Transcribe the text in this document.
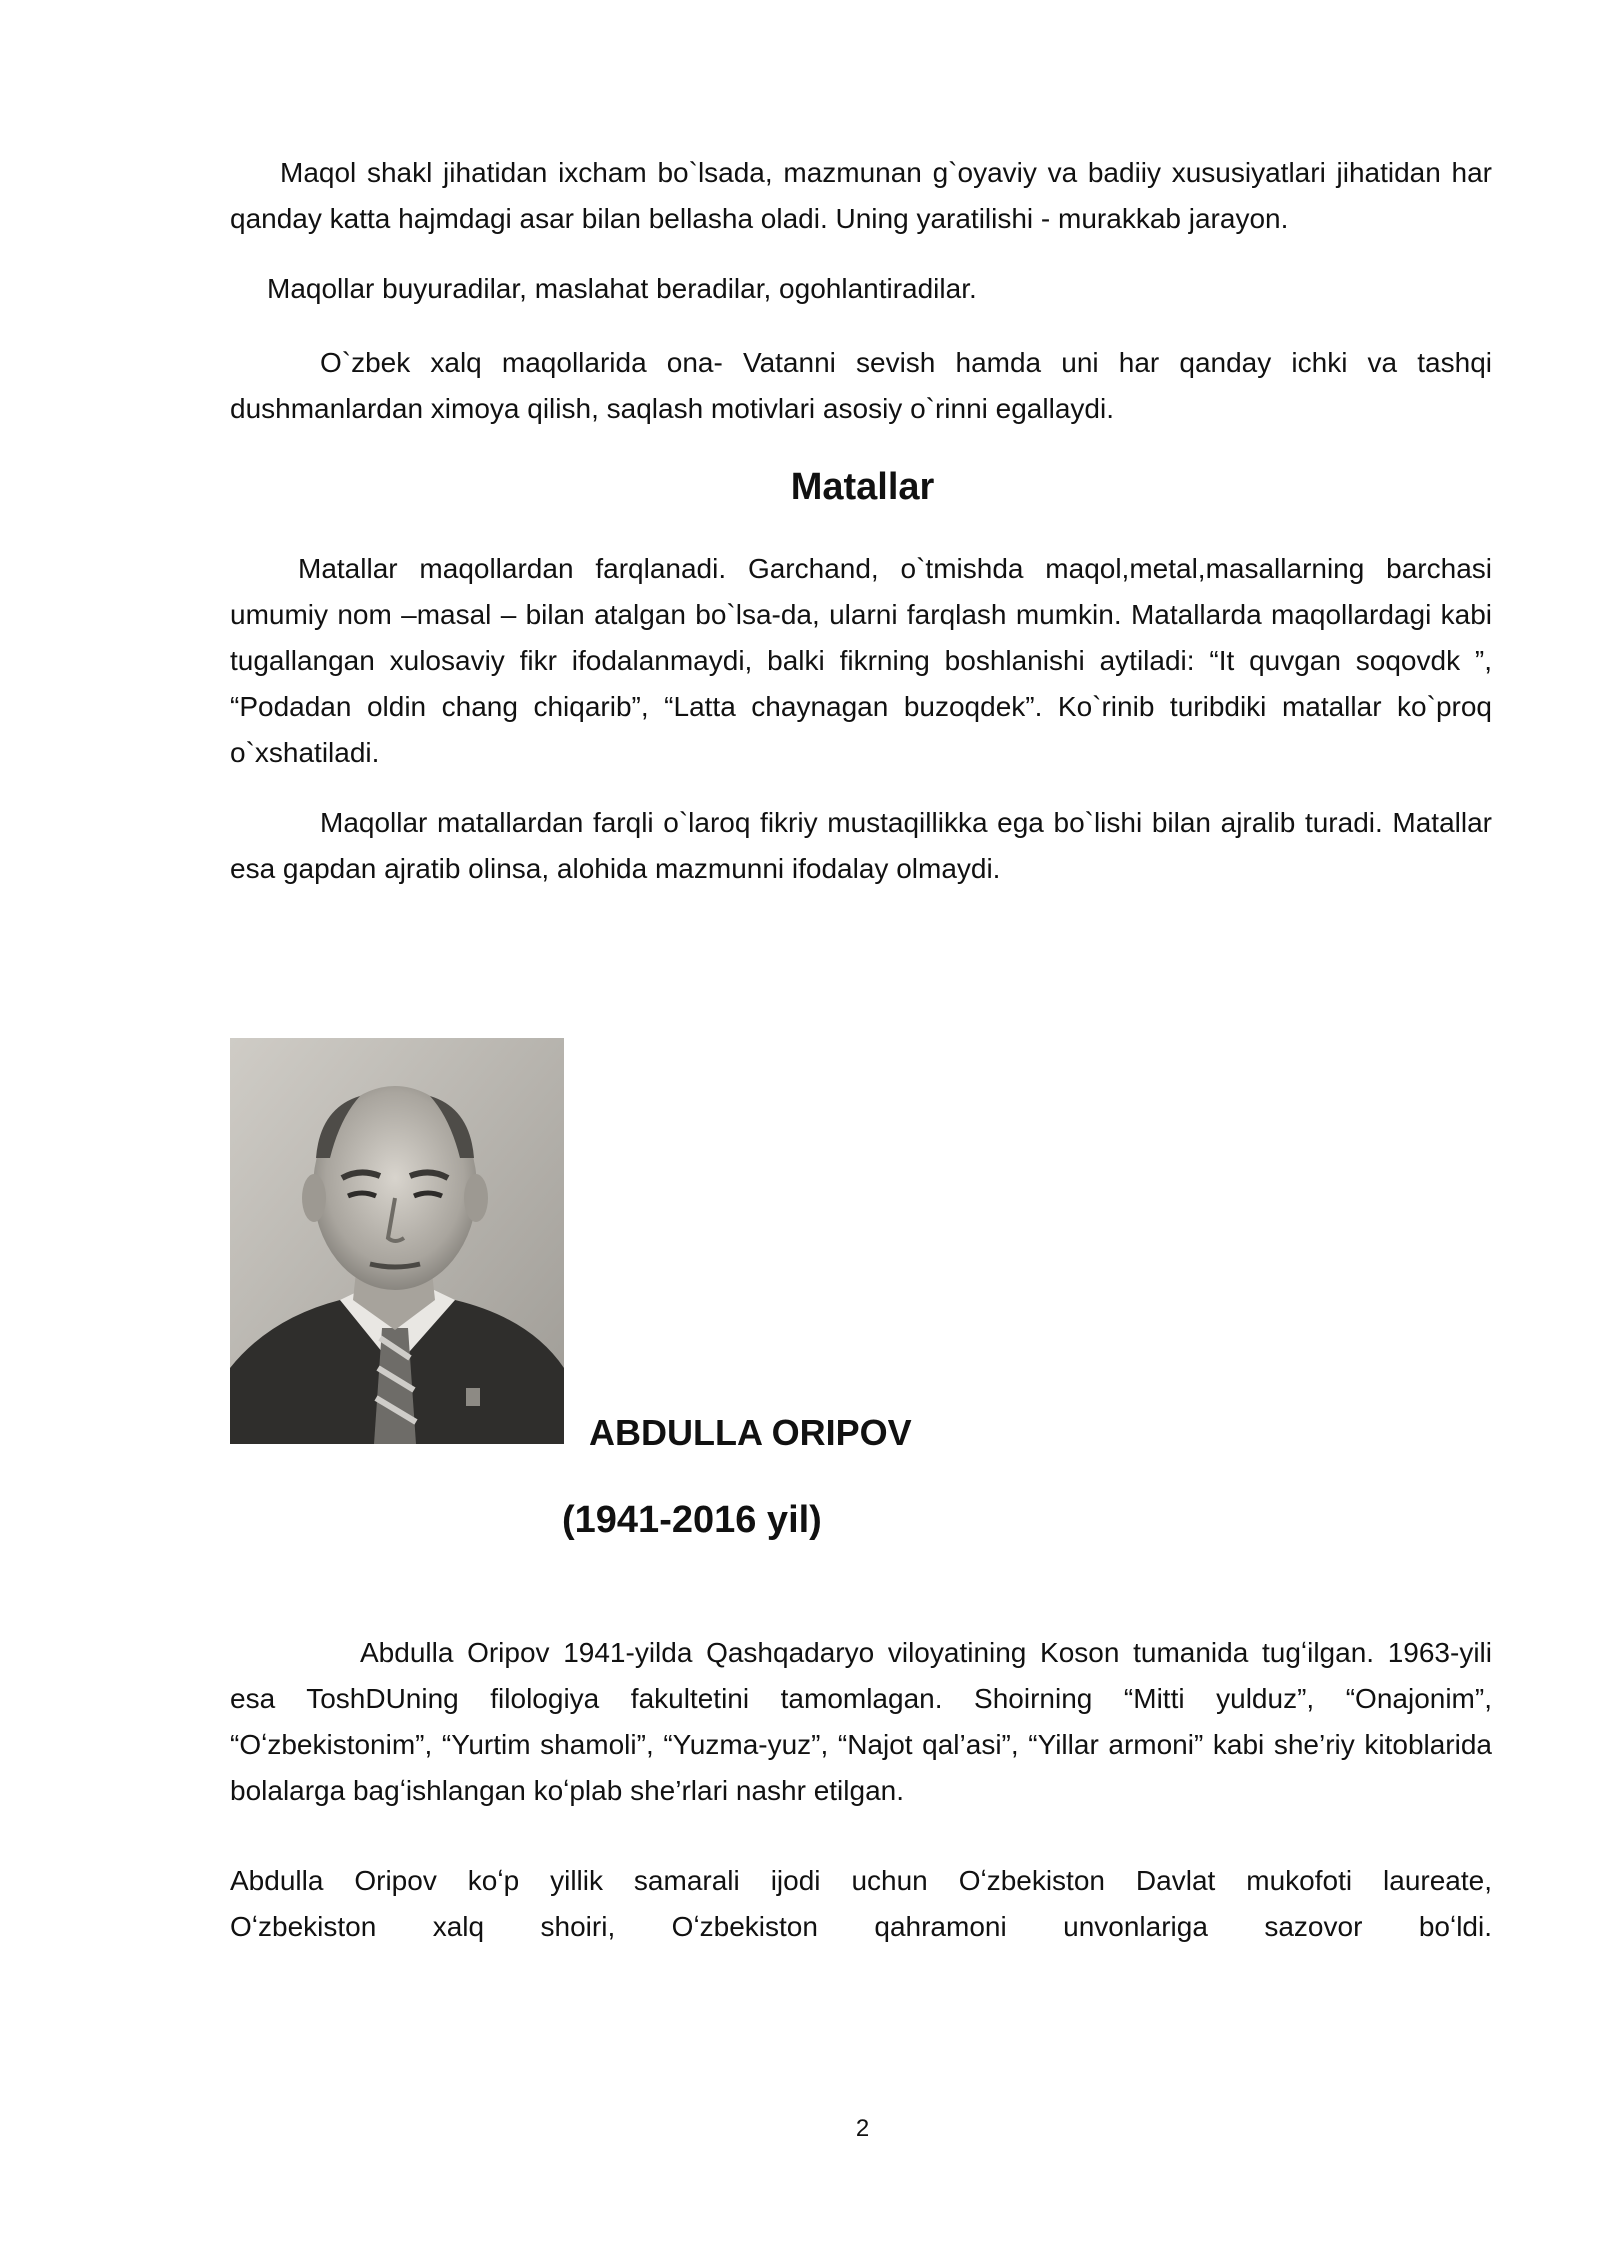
Maqol shakl jihatidan ixcham bo`lsada, mazmunan g`oyaviy va badiiy xususiyatlari jihatidan har qanday katta hajmdagi asar bilan bellasha oladi. Uning yaratilishi - murakkab jarayon.

Maqollar buyuradilar, maslahat beradilar, ogohlantiradilar.

O`zbek xalq maqollarida ona- Vatanni sevish hamda uni har qanday ichki va tashqi dushmanlardan ximoya qilish, saqlash motivlari asosiy o`rinni egallaydi.

Matallar

Matallar maqollardan farqlanadi. Garchand, o`tmishda maqol,metal,masallarning barchasi umumiy nom –masal – bilan atalgan bo`lsa-da, ularni farqlash mumkin. Matallarda maqollardagi kabi tugallangan xulosaviy fikr ifodalanmaydi, balki fikrning boshlanishi aytiladi: “It quvgan soqovdk ”, “Podadan oldin chang chiqarib”, “Latta chaynagan buzoqdek”. Ko`rinib turibdiki matallar ko`proq o`xshatiladi.

Maqollar matallardan farqli o`laroq fikriy mustaqillikka ega bo`lishi bilan ajralib turadi. Matallar esa gapdan ajratib olinsa, alohida mazmunni ifodalay olmaydi.

ABDULLA ORIPOV
(1941-2016 yil)

Abdulla Oripov 1941-yilda Qashqadaryo viloyatining Koson tumanida tugʻilgan. 1963-yili esa ToshDUning filologiya fakultetini tamomlagan. Shoirning “Mitti yulduz”, “Onajonim”, “Oʻzbekistonim”, “Yurtim shamoli”, “Yuzma-yuz”, “Najot qal’asi”, “Yillar armoni” kabi she’riy kitoblarida bolalarga bagʻishlangan koʻplab she’rlari nashr etilgan.

Abdulla Oripov koʻp yillik samarali ijodi uchun Oʻzbekiston Davlat mukofoti laureate,
Oʻzbekiston xalq shoiri, Oʻzbekiston qahramoni unvonlariga sazovor boʻldi.
2
